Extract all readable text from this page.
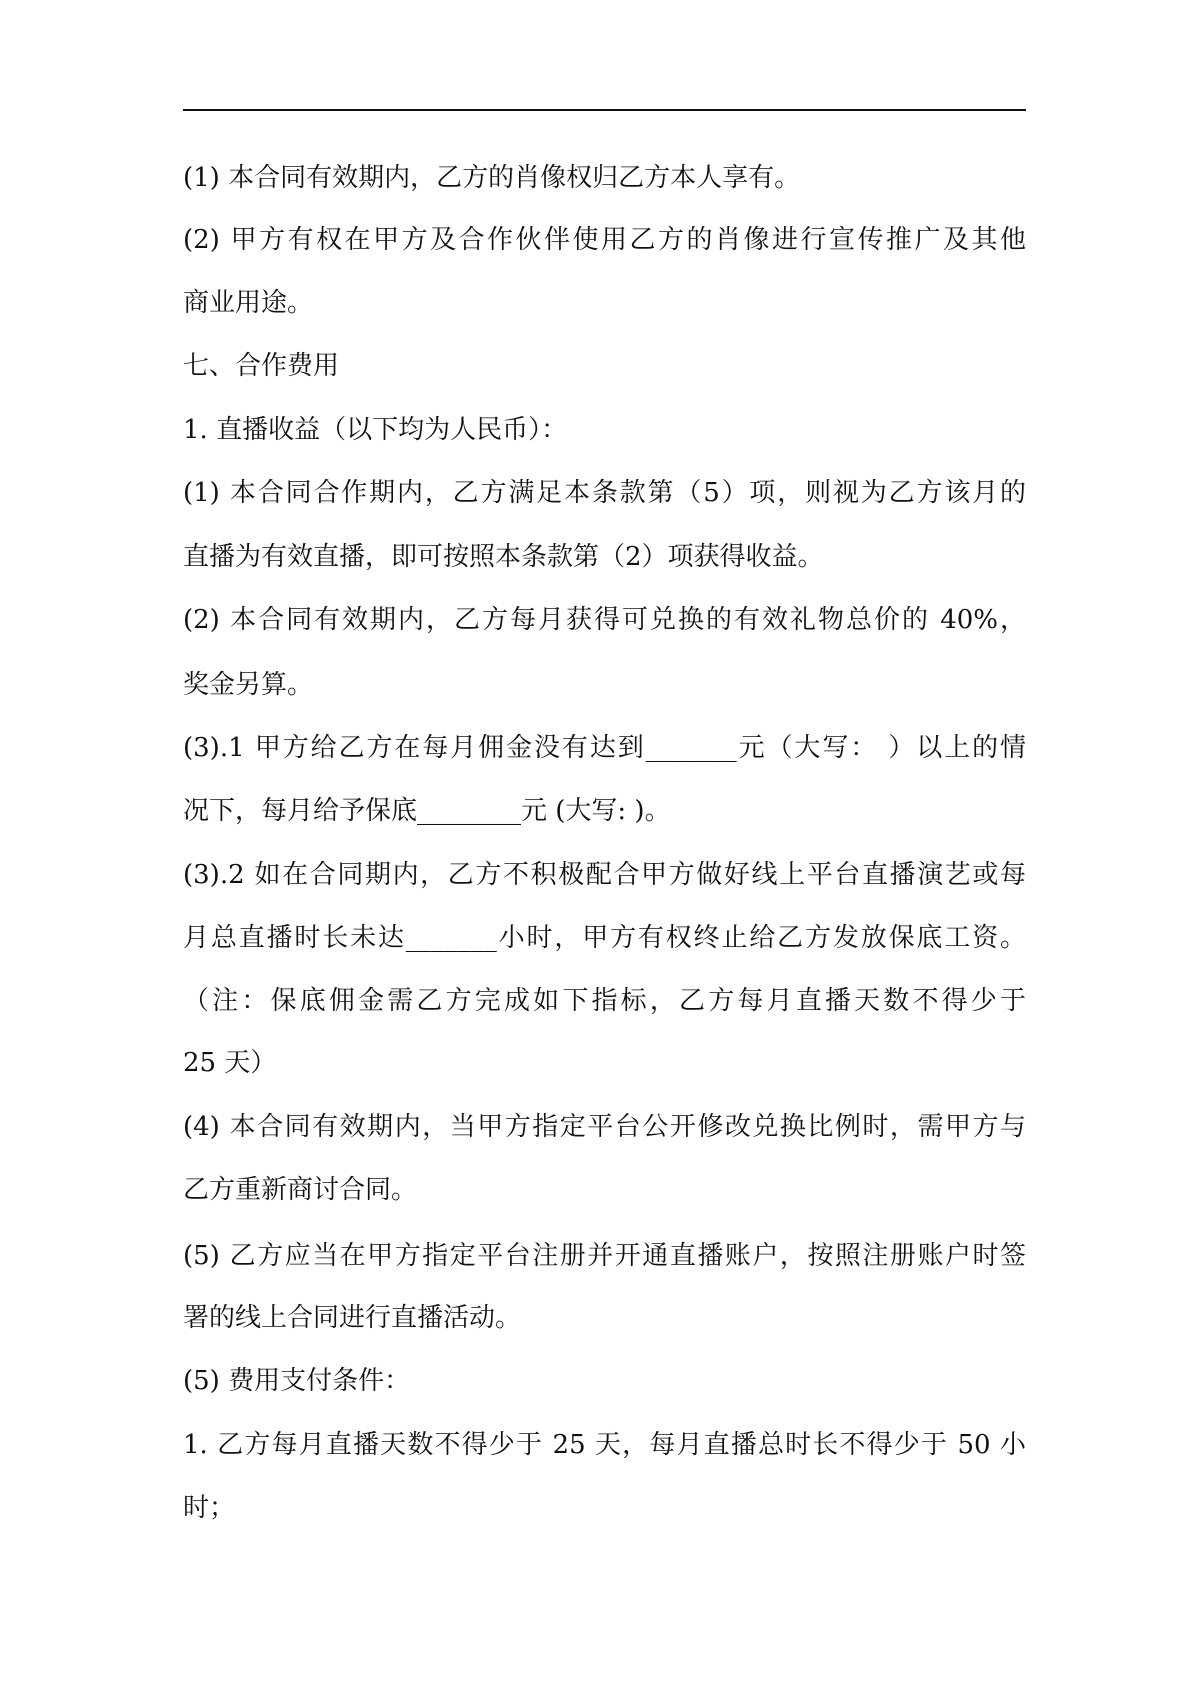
(1) 本合同有效期内，乙方的肖像权归乙方本人享有。
(2) 甲方有权在甲方及合作伙伴使用乙方的肖像进行宣传推广及其他
商业用途。
七、合作费用
1. 直播收益（以下均为人民币）：
(1) 本合同合作期内，乙方满足本条款第（5）项，则视为乙方该月的
直播为有效直播，即可按照本条款第（2）项获得收益。
(2) 本合同有效期内，乙方每月获得可兑换的有效礼物总价的 40%，
奖金另算。
(3).1 甲方给乙方在每月佣金没有达到_______元（大写： ）以上的情
况下，每月给予保底________元 (大写: )。
(3).2 如在合同期内，乙方不积极配合甲方做好线上平台直播演艺或每
月总直播时长未达_______小时，甲方有权终止给乙方发放保底工资。
（注：保底佣金需乙方完成如下指标，乙方每月直播天数不得少于
25 天）
(4) 本合同有效期内，当甲方指定平台公开修改兑换比例时，需甲方与
乙方重新商讨合同。
(5) 乙方应当在甲方指定平台注册并开通直播账户，按照注册账户时签
署的线上合同进行直播活动。
(5) 费用支付条件：
1. 乙方每月直播天数不得少于 25 天，每月直播总时长不得少于 50 小
时；
